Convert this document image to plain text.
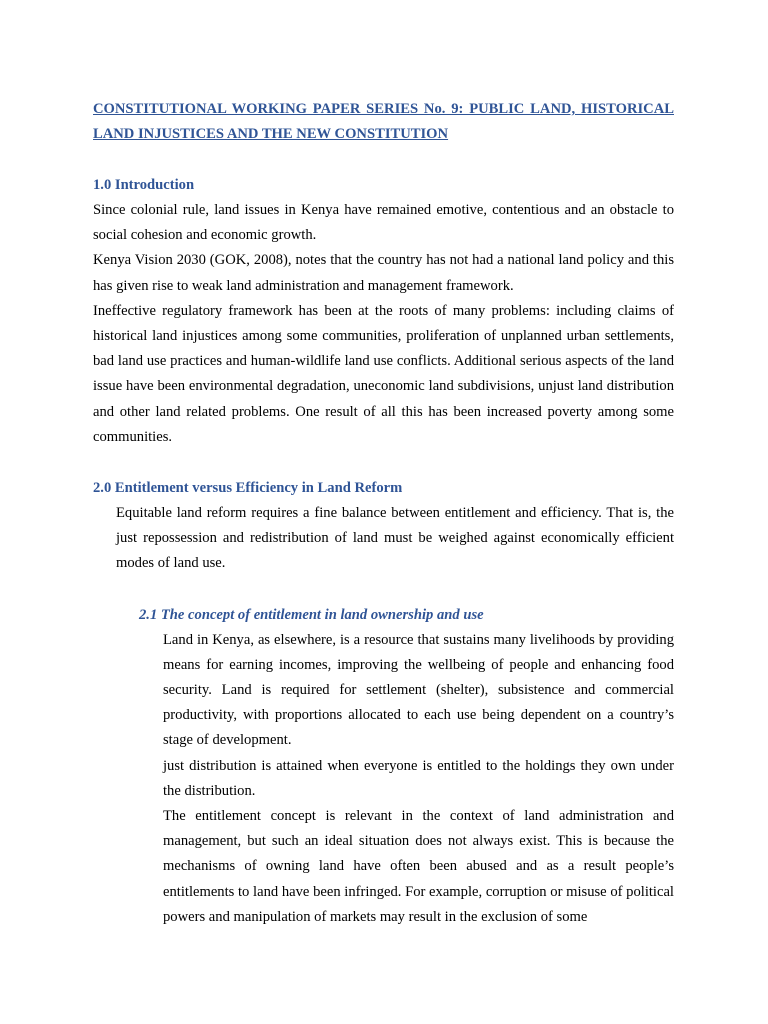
CONSTITUTIONAL WORKING PAPER SERIES No. 9: PUBLIC LAND, HISTORICAL LAND INJUSTICES AND THE NEW CONSTITUTION
1.0 Introduction

Since colonial rule, land issues in Kenya have remained emotive, contentious and an obstacle to social cohesion and economic growth.

Kenya Vision 2030 (GOK, 2008), notes that the country has not had a national land policy and this has given rise to weak land administration and management framework.

Ineffective regulatory framework has been at the roots of many problems: including claims of historical land injustices among some communities, proliferation of unplanned urban settlements, bad land use practices and human-wildlife land use conflicts. Additional serious aspects of the land issue have been environmental degradation, uneconomic land subdivisions, unjust land distribution and other land related problems. One result of all this has been increased poverty among some communities.

2.0 Entitlement versus Efficiency in Land Reform

Equitable land reform requires a fine balance between entitlement and efficiency. That is, the just repossession and redistribution of land must be weighed against economically efficient modes of land use.

2.1 The concept of entitlement in land ownership and use

Land in Kenya, as elsewhere, is a resource that sustains many livelihoods by providing means for earning incomes, improving the wellbeing of people and enhancing food security. Land is required for settlement (shelter), subsistence and commercial productivity, with proportions allocated to each use being dependent on a country’s stage of development.

just distribution is attained when everyone is entitled to the holdings they own under the distribution.

The entitlement concept is relevant in the context of land administration and management, but such an ideal situation does not always exist. This is because the mechanisms of owning land have often been abused and as a result people’s entitlements to land have been infringed. For example, corruption or misuse of political powers and manipulation of markets may result in the exclusion of some
